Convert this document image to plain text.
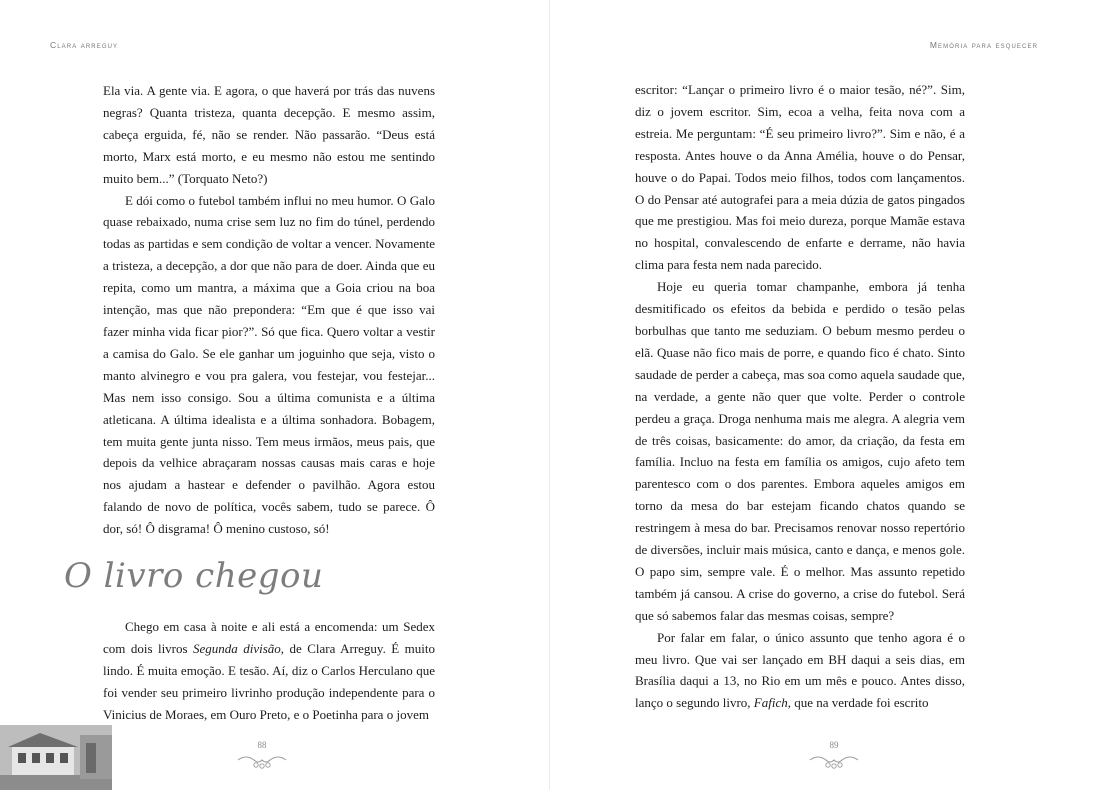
Clara arreguy

Ela via. A gente via. E agora, o que haverá por trás das nuvens negras? Quanta tristeza, quanta decepção. E mesmo assim, cabeça erguida, fé, não se render. Não passarão. “Deus está morto, Marx está morto, e eu mesmo não estou me sentindo muito bem...” (Torquato Neto?)

E dói como o futebol também influi no meu humor. O Galo quase rebaixado, numa crise sem luz no fim do túnel, perdendo todas as partidas e sem condição de voltar a vencer. Novamente a tristeza, a decepção, a dor que não para de doer. Ainda que eu repita, como um mantra, a máxima que a Goia criou na boa intenção, mas que não prepondera: “Em que é que isso vai fazer minha vida ficar pior?”. Só que fica. Quero voltar a vestir a camisa do Galo. Se ele ganhar um joguinho que seja, visto o manto alvinegro e vou pra galera, vou festejar, vou festejar... Mas nem isso consigo. Sou a última comunista e a última atleticana. A última idealista e a última sonhadora. Bobagem, tem muita gente junta nisso. Tem meus irmãos, meus pais, que depois da velhice abraçaram nossas causas mais caras e hoje nos ajudam a hastear e defender o pavilhão. Agora estou falando de novo de política, vocês sabem, tudo se parece. Ô dor, só! Ô disgrama! Ô menino custoso, só!

O livro chegou

Chego em casa à noite e ali está a encomenda: um Sedex com dois livros Segunda divisão, de Clara Arreguy. É muito lindo. É muita emoção. E tesão. Aí, diz o Carlos Herculano que foi vender seu primeiro livrinho produção independente para o Vinicius de Moraes, em Ouro Preto, e o Poetinha para o jovem

88
Memória para esquecer

escritor: “Lançar o primeiro livro é o maior tesão, né?”. Sim, diz o jovem escritor. Sim, ecoa a velha, feita nova com a estreia. Me perguntam: “É seu primeiro livro?”. Sim e não, é a resposta. Antes houve o da Anna Amélia, houve o do Pensar, houve o do Papai. Todos meio filhos, todos com lançamentos. O do Pensar até autografei para a meia dúzia de gatos pingados que me prestigiou. Mas foi meio dureza, porque Mamãe estava no hospital, convalescendo de enfarte e derrame, não havia clima para festa nem nada parecido.

Hoje eu queria tomar champanhe, embora já tenha desmitificado os efeitos da bebida e perdido o tesão pelas borbulhas que tanto me seduziam. O bebum mesmo perdeu o elã. Quase não fico mais de porre, e quando fico é chato. Sinto saudade de perder a cabeça, mas soa como aquela saudade que, na verdade, a gente não quer que volte. Perder o controle perdeu a graça. Droga nenhuma mais me alegra. A alegria vem de três coisas, basicamente: do amor, da criação, da festa em família. Incluo na festa em família os amigos, cujo afeto tem parentesco com o dos parentes. Embora aqueles amigos em torno da mesa do bar estejam ficando chatos quando se restringem à mesa do bar. Precisamos renovar nosso repertório de diversões, incluir mais música, canto e dança, e menos gole. O papo sim, sempre vale. É o melhor. Mas assunto repetido também já cansou. A crise do governo, a crise do futebol. Será que só sabemos falar das mesmas coisas, sempre?

Por falar em falar, o único assunto que tenho agora é o meu livro. Que vai ser lançado em BH daqui a seis dias, em Brasília daqui a 13, no Rio em um mês e pouco. Antes disso, lanço o segundo livro, Fafich, que na verdade foi escrito

89
